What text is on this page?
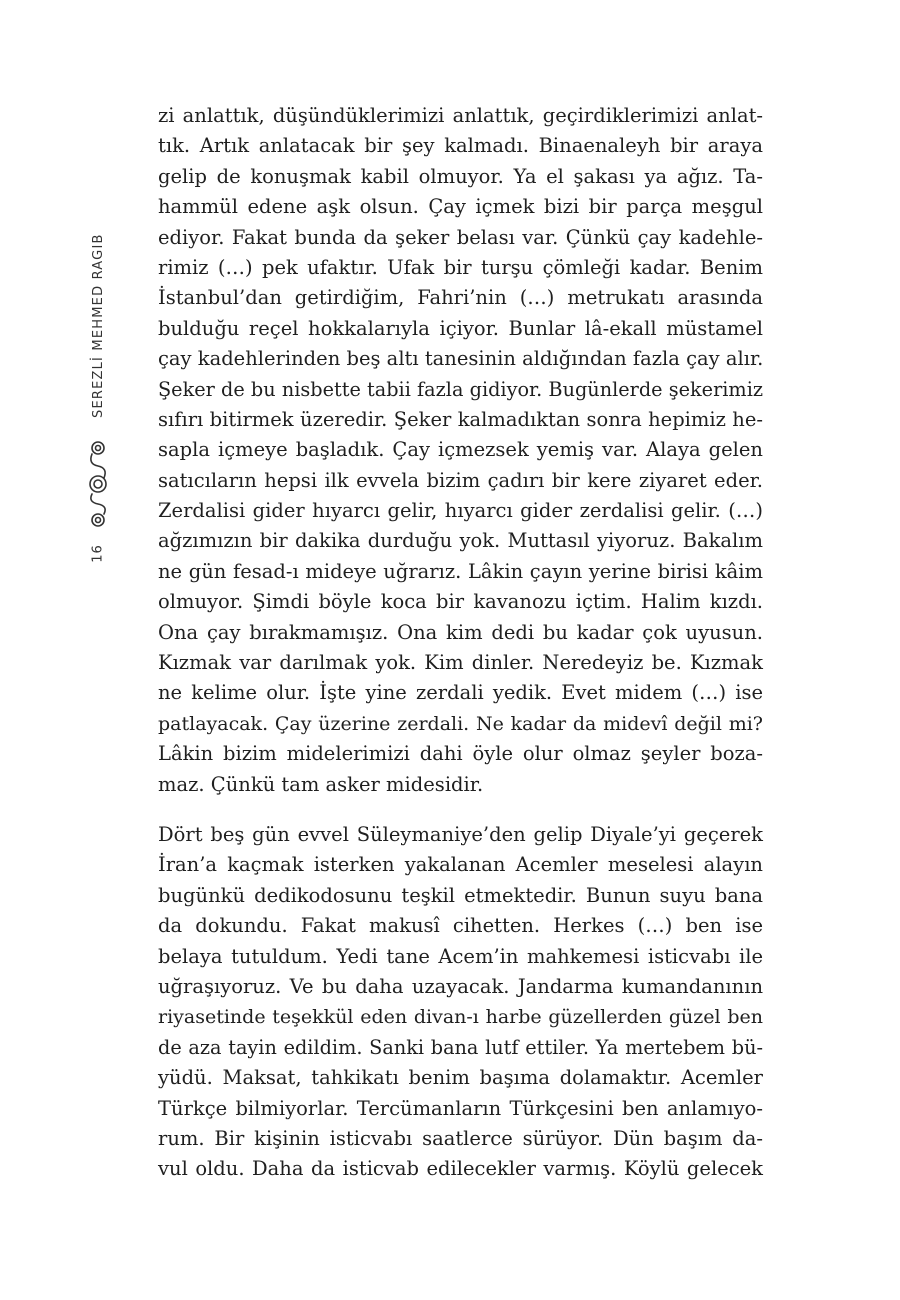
SEREZLİ MEHMED RAGIB
16
zi anlattık, düşündüklerimizi anlattık, geçirdiklerimizi anlat-
tık. Artık anlatacak bir şey kalmadı. Binaenaleyh bir araya
gelip de konuşmak kabil olmuyor. Ya el şakası ya ağız. Ta-
hammül edene aşk olsun. Çay içmek bizi bir parça meşgul
ediyor. Fakat bunda da şeker belası var. Çünkü çay kadehle-
rimiz (…) pek ufaktır. Ufak bir turşu çömleği kadar. Benim
İstanbul’dan getirdiğim, Fahri’nin (…) metrukatı arasında
bulduğu reçel hokkalarıyla içiyor. Bunlar lâ-ekall müstamel
çay kadehlerinden beş altı tanesinin aldığından fazla çay alır.
Şeker de bu nisbette tabii fazla gidiyor. Bugünlerde şekerimiz
sıfırı bitirmek üzeredir. Şeker kalmadıktan sonra hepimiz he-
sapla içmeye başladık. Çay içmezsek yemiş var. Alaya gelen
satıcıların hepsi ilk evvela bizim çadırı bir kere ziyaret eder.
Zerdalisi gider hıyarcı gelir, hıyarcı gider zerdalisi gelir. (…)
ağzımızın bir dakika durduğu yok. Muttasıl yiyoruz. Bakalım
ne gün fesad-ı mideye uğrarız. Lâkin çayın yerine birisi kâim
olmuyor. Şimdi böyle koca bir kavanozu içtim. Halim kızdı.
Ona çay bırakmamışız. Ona kim dedi bu kadar çok uyusun.
Kızmak var darılmak yok. Kim dinler. Neredeyiz be. Kızmak
ne kelime olur. İşte yine zerdali yedik. Evet midem (…) ise
patlayacak. Çay üzerine zerdali. Ne kadar da midevî değil mi?
Lâkin bizim midelerimizi dahi öyle olur olmaz şeyler boza-
maz. Çünkü tam asker midesidir.
Dört beş gün evvel Süleymaniye’den gelip Diyale’yi geçerek
İran’a kaçmak isterken yakalanan Acemler meselesi alayın
bugünkü dedikodosunu teşkil etmektedir. Bunun suyu bana
da dokundu. Fakat makusî cihetten. Herkes (…) ben ise
belaya tutuldum. Yedi tane Acem’in mahkemesi isticvabı ile
uğraşıyoruz. Ve bu daha uzayacak. Jandarma kumandanının
riyasetinde teşekkül eden divan-ı harbe güzellerden güzel ben
de aza tayin edildim. Sanki bana lutf ettiler. Ya mertebem bü-
yüdü. Maksat, tahkikatı benim başıma dolamaktır. Acemler
Türkçe bilmiyorlar. Tercümanların Türkçesini ben anlamıyo-
rum. Bir kişinin isticvabı saatlerce sürüyor. Dün başım da-
vul oldu. Daha da isticvab edilecekler varmış. Köylü gelecek
